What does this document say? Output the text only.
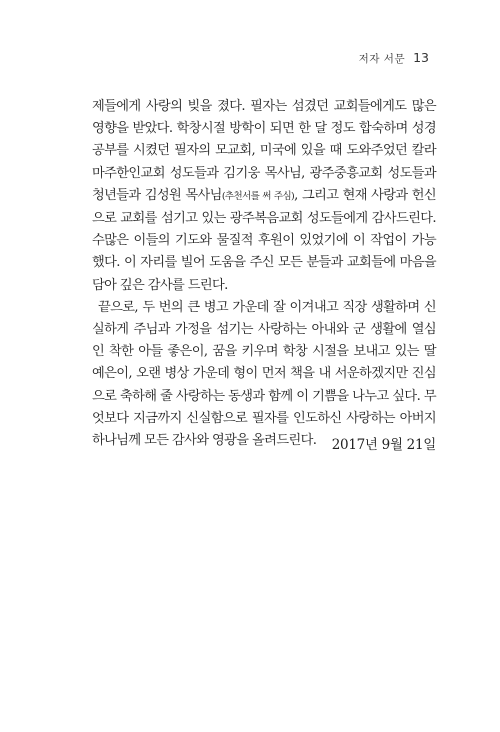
저자 서문 13

제들에게 사랑의 빚을 졌다. 필자는 섬겼던 교회들에게도 많은 영향을 받았다. 학창시절 방학이 되면 한 달 정도 합숙하며 성경 공부를 시켰던 필자의 모교회, 미국에 있을 때 도와주었던 칼라마주한인교회 성도들과 김기웅 목사님, 광주중흥교회 성도들과 청년들과 김성원 목사님(추천서를 써 주심), 그리고 현재 사랑과 헌신으로 교회를 섬기고 있는 광주복음교회 성도들에게 감사드린다. 수많은 이들의 기도와 물질적 후원이 있었기에 이 작업이 가능했다. 이 자리를 빌어 도움을 주신 모든 분들과 교회들에 마음을 담아 깊은 감사를 드린다.

끝으로, 두 번의 큰 병고 가운데 잘 이겨내고 직장 생활하며 신실하게 주님과 가정을 섬기는 사랑하는 아내와 군 생활에 열심인 착한 아들 좋은이, 꿈을 키우며 학창 시절을 보내고 있는 딸 예은이, 오랜 병상 가운데 형이 먼저 책을 내 서운하겠지만 진심으로 축하해 줄 사랑하는 동생과 함께 이 기쁨을 나누고 싶다. 무엇보다 지금까지 신실함으로 필자를 인도하신 사랑하는 아버지 하나님께 모든 감사와 영광을 올려드린다.	2017년 9월 21일
